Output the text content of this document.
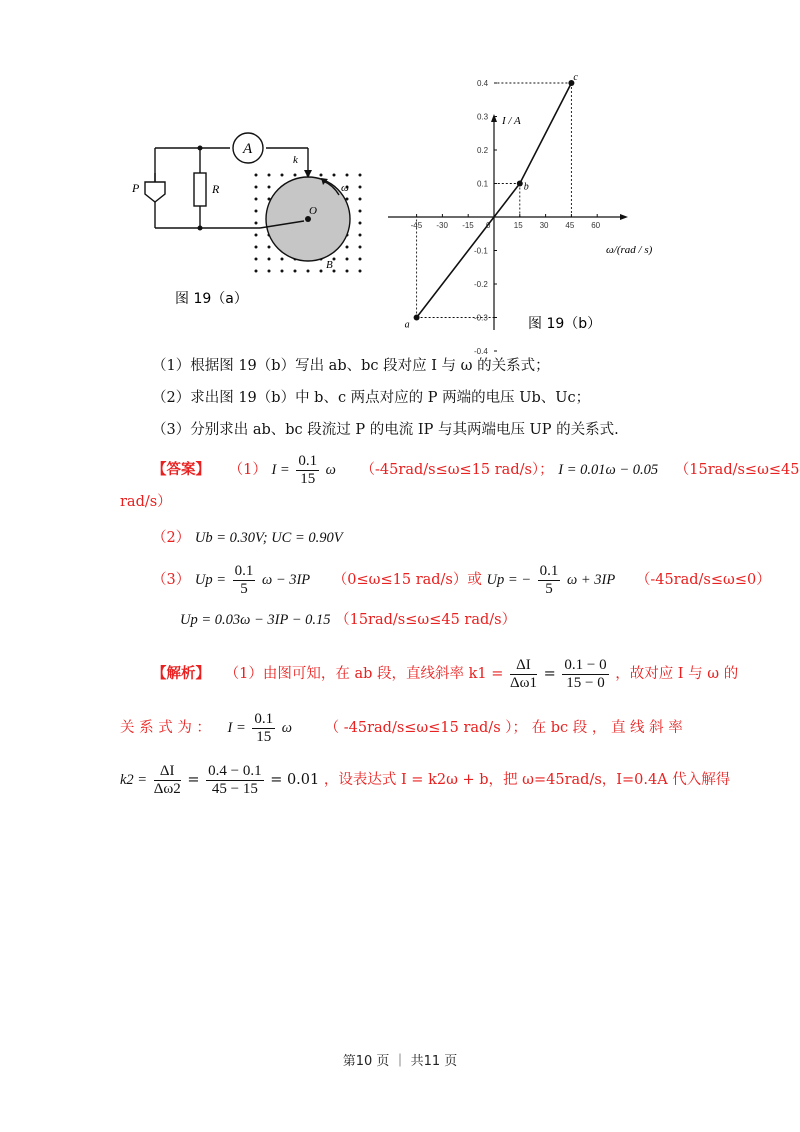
A
R
P
O
B
k
ω
图 19（a）
-45 -30 -15 0	15 30 45 60
0.4
0.3
0.2
0.1
-0.1
-0.2
-0.3
-0.4
a
b
c
I / A
ω/(rad / s)
图 19（b）
（1）根据图 19（b）写出 ab、bc 段对应 I 与 ω 的关系式；
（2）求出图 19（b）中 b、c 两点对应的 P 两端的电压 Ub、Uc；
（3）分别求出 ab、bc 段流过 P 的电流 IP 与其两端电压 UP 的关系式.
【答案】 （1） $I = \frac{0.1}{15}$ ω （-45rad/s≤ω≤15 rad/s）； I = 0.01ω − 0.05 （15rad/s≤ω≤45
rad/s）
（2） Ub = 0.30V; UC = 0.90V
（3） $Up = \frac{0.1}{5}$ ω − 3IP （0≤ω≤15 rad/s）或 Up = − $\frac{0.1}{5}$ ω + 3IP （-45rad/s≤ω≤0）
Up = 0.03ω − 3IP − 0.15 （15rad/s≤ω≤45 rad/s）
【解析】 （1）由图可知，在 ab 段，直线斜率 $k1 = \frac{\Delta I}{\Delta\omega 1} = \frac{0.1 - 0}{15 - 0}$ ，故对应 I 与 ω 的
关 系 式 为 ： $I = \frac{0.1}{15}$ ω （ -45rad/s≤ω≤15 rad/s ）； 在 bc 段 ， 直 线 斜 率
$k2 = \frac{\Delta I}{\Delta\omega 2} = \frac{0.4 - 0.1}{45 - 15} = 0.01$ ，设表达式 I = k2ω + b，把 ω=45rad/s，I=0.4A 代入解得
第10 页 ｜ 共11 页
